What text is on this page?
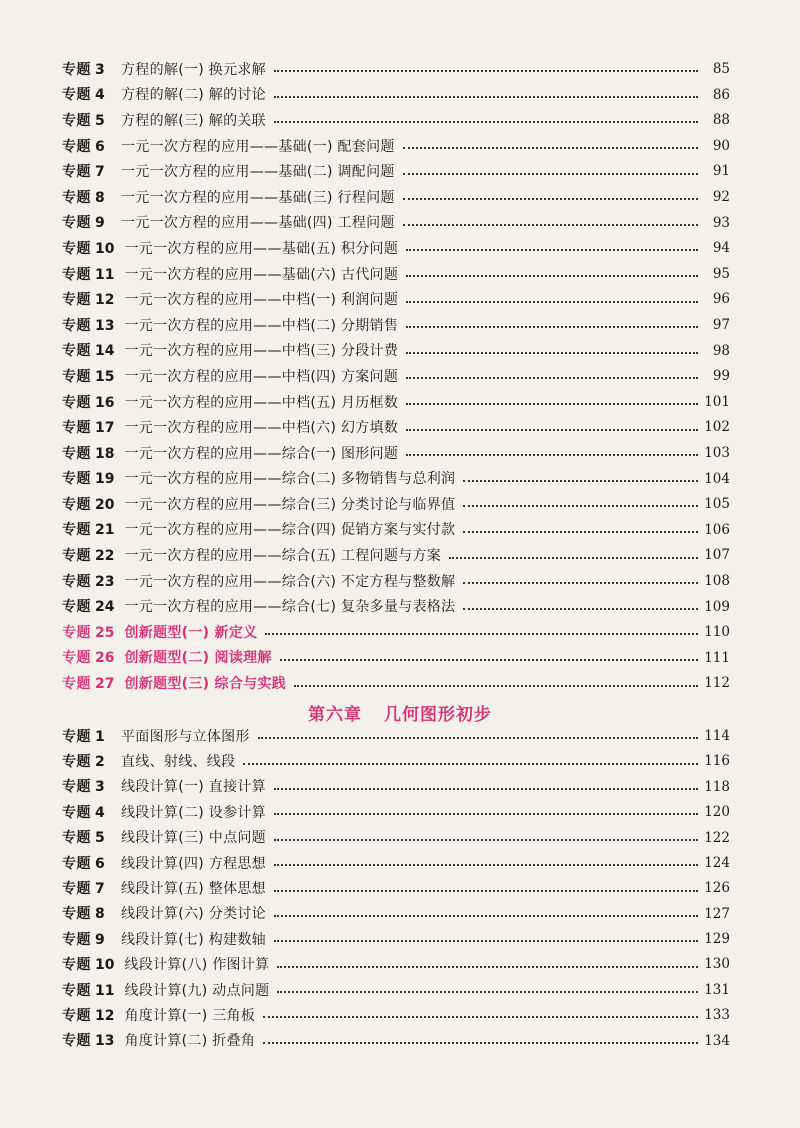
专题 3	方程的解(一) 换元求解	85
专题 4	方程的解(二) 解的讨论	86
专题 5	方程的解(三) 解的关联	88
专题 6	一元一次方程的应用——基础(一) 配套问题	90
专题 7	一元一次方程的应用——基础(二) 调配问题	91
专题 8	一元一次方程的应用——基础(三) 行程问题	92
专题 9	一元一次方程的应用——基础(四) 工程问题	93
专题 10 一元一次方程的应用——基础(五) 积分问题	94
专题 11 一元一次方程的应用——基础(六) 古代问题	95
专题 12 一元一次方程的应用——中档(一) 利润问题	96
专题 13 一元一次方程的应用——中档(二) 分期销售	97
专题 14 一元一次方程的应用——中档(三) 分段计费	98
专题 15 一元一次方程的应用——中档(四) 方案问题	99
专题 16 一元一次方程的应用——中档(五) 月历框数	101
专题 17 一元一次方程的应用——中档(六) 幻方填数	102
专题 18 一元一次方程的应用——综合(一) 图形问题	103
专题 19 一元一次方程的应用——综合(二) 多物销售与总利润	104
专题 20 一元一次方程的应用——综合(三) 分类讨论与临界值	105
专题 21 一元一次方程的应用——综合(四) 促销方案与实付款	106
专题 22 一元一次方程的应用——综合(五) 工程问题与方案	107
专题 23 一元一次方程的应用——综合(六) 不定方程与整数解	108
专题 24 一元一次方程的应用——综合(七) 复杂多量与表格法	109
专题 25 创新题型(一) 新定义	110
专题 26 创新题型(二) 阅读理解	111
专题 27 创新题型(三) 综合与实践	112
第六章 几何图形初步
专题 1	平面图形与立体图形	114
专题 2	直线、射线、线段	116
专题 3	线段计算(一) 直接计算	118
专题 4	线段计算(二) 设参计算	120
专题 5	线段计算(三) 中点问题	122
专题 6	线段计算(四) 方程思想	124
专题 7	线段计算(五) 整体思想	126
专题 8	线段计算(六) 分类讨论	127
专题 9	线段计算(七) 构建数轴	129
专题 10 线段计算(八) 作图计算	130
专题 11 线段计算(九) 动点问题	131
专题 12 角度计算(一) 三角板	133
专题 13 角度计算(二) 折叠角	134
